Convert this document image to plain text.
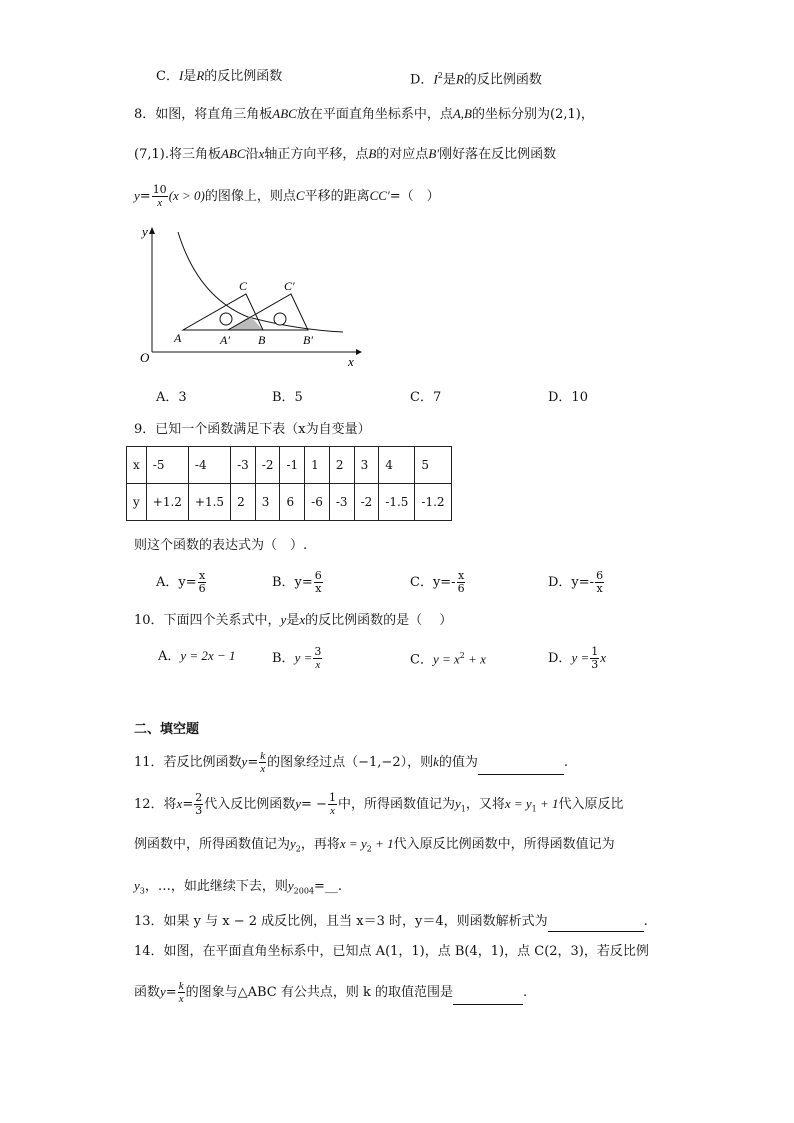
C．I是R的反比例函数	D．$I^2$是R的反比例函数
8．如图，将直角三角板ABC放在平面直角坐标系中，点A,B的坐标分别为(2,1)，
(7,1).将三角板ABC沿x轴正方向平移，点B的对应点B′刚好落在反比例函数
$y= \frac{10}{x} (x > 0)$的图像上，则点C平移的距离CC′=（　）
y
x
O
A	A′ B	B′
C	C′
A．3	B．5	C．7	D．10
9．已知一个函数满足下表（x为自变量）
x	-5	-4	-3	-2	-1	1	2	3	4	5
y	+1.2	+1.5	2	3	6	-6	-3	-2	-1.5	-1.2
则这个函数的表达式为（　）.
A．$y= \frac{x}{6}$	B．$y= \frac{6}{x}$	C．$y=- \frac{x}{6}$	D．$y=- \frac{6}{x}$
10．下面四个关系式中，y是x的反比例函数的是（　 ）
A．y = 2x − 1	B．$y = \frac{3}{x}$	C．$y = x^2 + x$	D．$y = \frac{1}{3}$ x
二、填空题
11．若反比例函数$y= \frac{k}{x}$ 的图象经过点（−1,−2），则k的值为	.
12．将$x= \frac{2}{3}$ 代入反比例函数$y= - \frac{1}{x}$ 中，所得函数值记为$y_1$，又将$x = y_1 + 1$代入原反比
例函数中，所得函数值记为$y_2$，再将$x = y_2 + 1$代入原反比例函数中，所得函数值记为
$y_3$，…，如此继续下去，则$y_{2004}=\_\_$.
13．如果 y 与 x − 2 成反比例，且当 x＝3 时，y＝4，则函数解析式为	.
14．如图，在平面直角坐标系中，已知点 A(1，1)，点 B(4，1)，点 C(2，3)，若反比例
函数$y= \frac{k}{x}$ 的图象与△ABC 有公共点，则 k 的取值范围是	.
